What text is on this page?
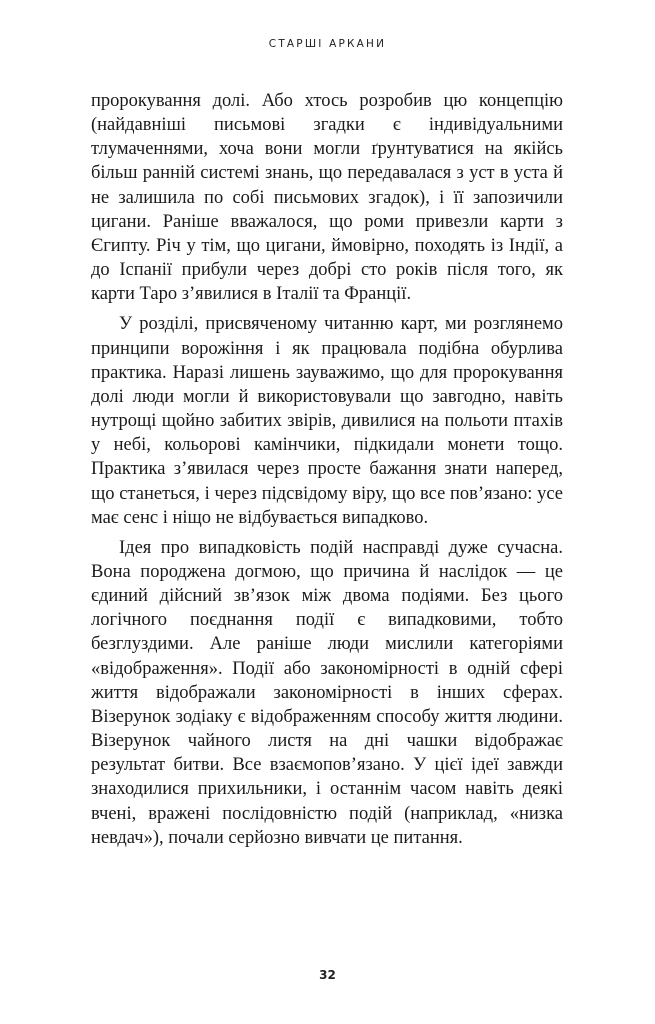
СТАРШІ АРКАНИ

пророкування долі. Або хтось розробив цю концепцію (найдавніші письмові згадки є індивідуальними тлумаченнями, хоча вони могли ґрунтуватися на якійсь більш ранній системі знань, що передавалася з уст в уста й не залишила по собі письмових згадок), і її запозичили цигани. Раніше вважалося, що роми привезли карти з Єгипту. Річ у тім, що цигани, ймовірно, походять із Індії, а до Іспанії прибули через добрі сто років після того, як карти Таро з’явилися в Італії та Франції.

У розділі, присвяченому читанню карт, ми розглянемо принципи ворожіння і як працювала подібна обурлива практика. Наразі лишень зауважимо, що для пророкування долі люди могли й використовували що завгодно, навіть нутрощі щойно забитих звірів, дивилися на польоти птахів у небі, кольорові камінчики, підкидали монети тощо. Практика з’явилася через просте бажання знати наперед, що станеться, і через підсвідому віру, що все пов’язано: усе має сенс і ніщо не відбувається випадково.

Ідея про випадковість подій насправді дуже сучасна. Вона породжена догмою, що причина й наслідок — це єдиний дійсний зв’язок між двома подіями. Без цього логічного поєднання події є випадковими, тобто безглуздими. Але раніше люди мислили категоріями «відображення». Події або закономірності в одній сфері життя відображали закономірності в інших сферах. Візерунок зодіаку є відображенням способу життя людини. Візерунок чайного листя на дні чашки відображає результат битви. Все взаємопов’язано. У цієї ідеї завжди знаходилися прихильники, і останнім часом навіть деякі вчені, вражені послідовністю подій (наприклад, «низка невдач»), почали серйозно вивчати це питання.

32
